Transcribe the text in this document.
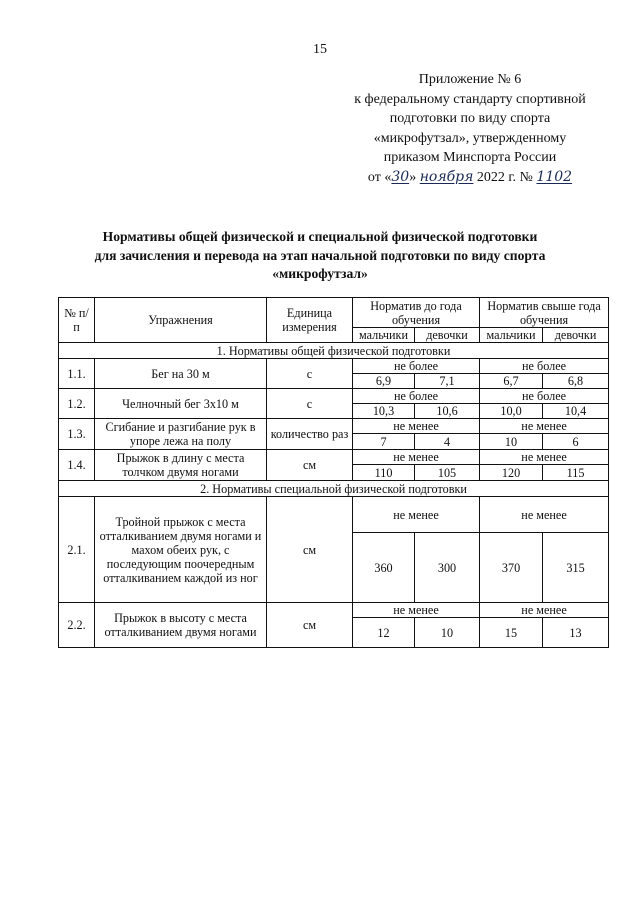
15
Приложение № 6
к федеральному стандарту спортивной
подготовки по виду спорта
«микрофутзал», утвержденному
приказом Минспорта России
от «30» ноября 2022 г. № 1102
Нормативы общей физической и специальной физической подготовки
для зачисления и перевода на этап начальной подготовки по виду спорта
«микрофутзал»
№ п/п	Упражнения	Единица измерения	Норматив до года обучения		Норматив свыше года обучения	
			мальчики	девочки	мальчики	девочки
1. Нормативы общей физической подготовки						
1.1.	Бег на 30 м	с	не более		не более	
			6,9	7,1	6,7	6,8
1.2.	Челночный бег 3х10 м	с	не более		не более	
			10,3	10,6	10,0	10,4
1.3.	Сгибание и разгибание рук в упоре лежа на полу	количество раз	не менее		не менее	
			7	4	10	6
1.4.	Прыжок в длину с места толчком двумя ногами	см	не менее		не менее	
			110	105	120	115
2. Нормативы специальной физической подготовки						
2.1.	Тройной прыжок с места отталкиванием двумя ногами и махом обеих рук, с последующим поочередным отталкиванием каждой из ног	см	не менее		не менее	
			360	300	370	315
2.2.	Прыжок в высоту с места отталкиванием двумя ногами	см	не менее		не менее	
			12	10	15	13
